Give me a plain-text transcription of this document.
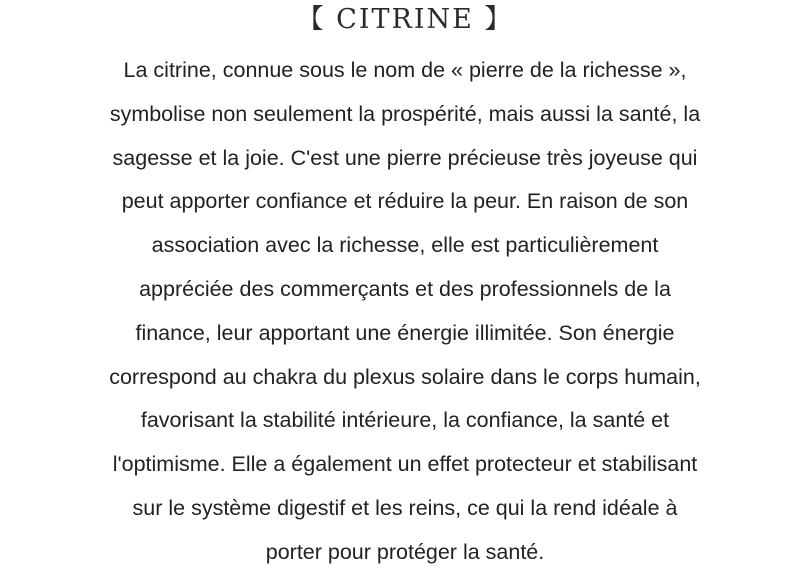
【 CITRINE 】

La citrine, connue sous le nom de « pierre de la richesse »,
symbolise non seulement la prospérité, mais aussi la santé, la
sagesse et la joie. C'est une pierre précieuse très joyeuse qui
peut apporter confiance et réduire la peur. En raison de son
association avec la richesse, elle est particulièrement
appréciée des commerçants et des professionnels de la
finance, leur apportant une énergie illimitée. Son énergie
correspond au chakra du plexus solaire dans le corps humain,
favorisant la stabilité intérieure, la confiance, la santé et
l'optimisme. Elle a également un effet protecteur et stabilisant
sur le système digestif et les reins, ce qui la rend idéale à
porter pour protéger la santé.
